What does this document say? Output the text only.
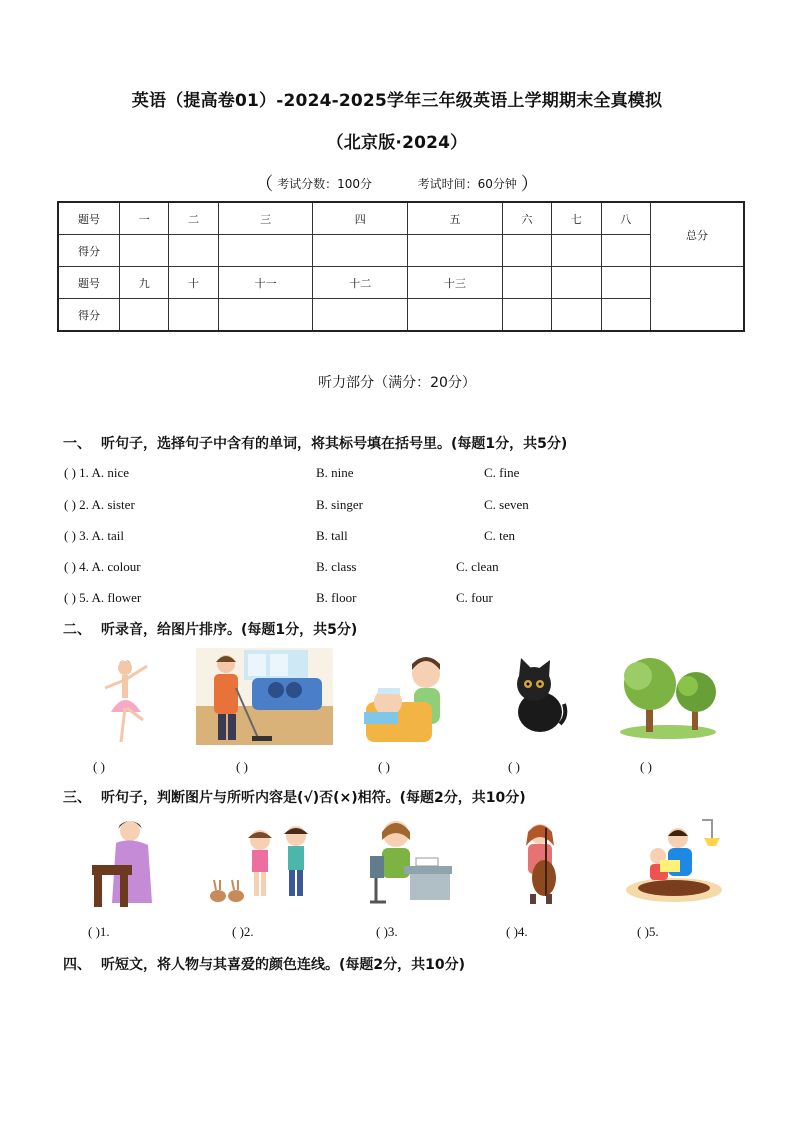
英语（提高卷01）-2024-2025学年三年级英语上学期期末全真模拟
（北京版·2024）
（ 考试分数：100分	考试时间：60分钟 ）
题号	一	二	三	四	五	六	七	八	总分
得分									
题号	九	十	十一	十二	十三				
得分									
听力部分（满分：20分）
一、 听句子，选择句子中含有的单词，将其标号填在括号里。(每题1分，共5分)
( ) 1. A. nice	B. nine	C. fine
( ) 2. A. sister	B. singer	C. seven
( ) 3. A. tail	B. tall	C. ten
( ) 4. A. colour	B. class	C. clean
( ) 5. A. flower	B. floor	C. four
二、 听录音，给图片排序。(每题1分，共5分)
( )	( )	( )	( )	( )
三、 听句子，判断图片与所听内容是(√)否(×)相符。(每题2分，共10分)
( )1.	( )2.	( )3.	( )4.	( )5.
四、 听短文，将人物与其喜爱的颜色连线。(每题2分，共10分)
